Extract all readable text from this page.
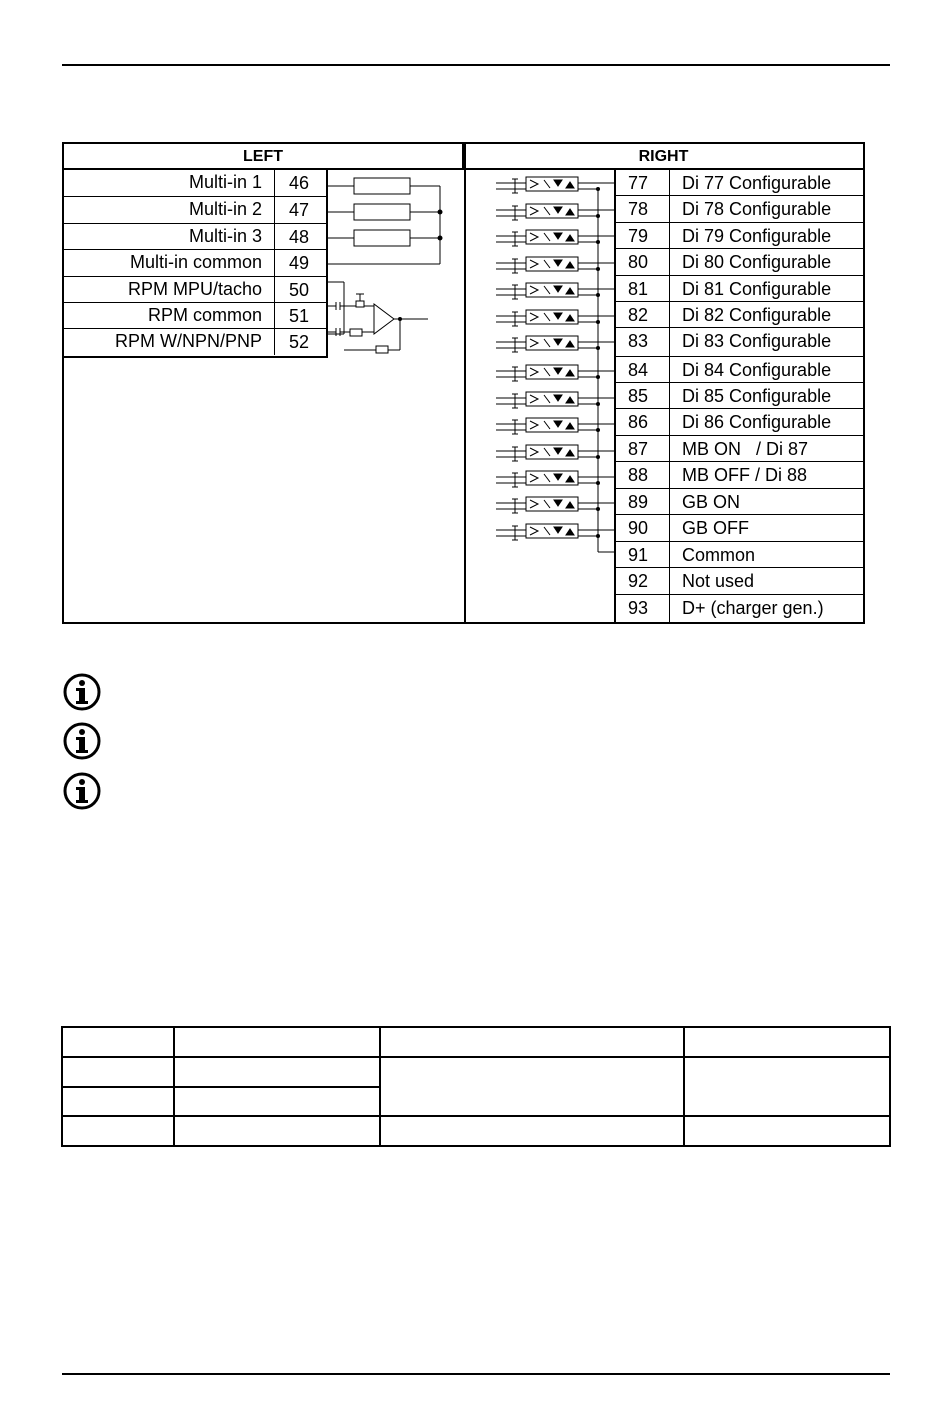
LEFT	RIGHT
Multi-in 1	46
Multi-in 2	47
Multi-in 3	48
Multi-in common	49
RPM MPU/tacho	50
RPM common	51
RPM W/NPN/PNP	52
77	Di 77 Configurable
78	Di 78 Configurable
79	Di 79 Configurable
80	Di 80 Configurable
81	Di 81 Configurable
82	Di 82 Configurable
83	Di 83 Configurable
84	Di 84 Configurable
85	Di 85 Configurable
86	Di 86 Configurable
87	MB ON   / Di 87
88	MB OFF / Di 88
89	GB ON
90	GB OFF
91	Common
92	Not used
93	D+ (charger gen.)
